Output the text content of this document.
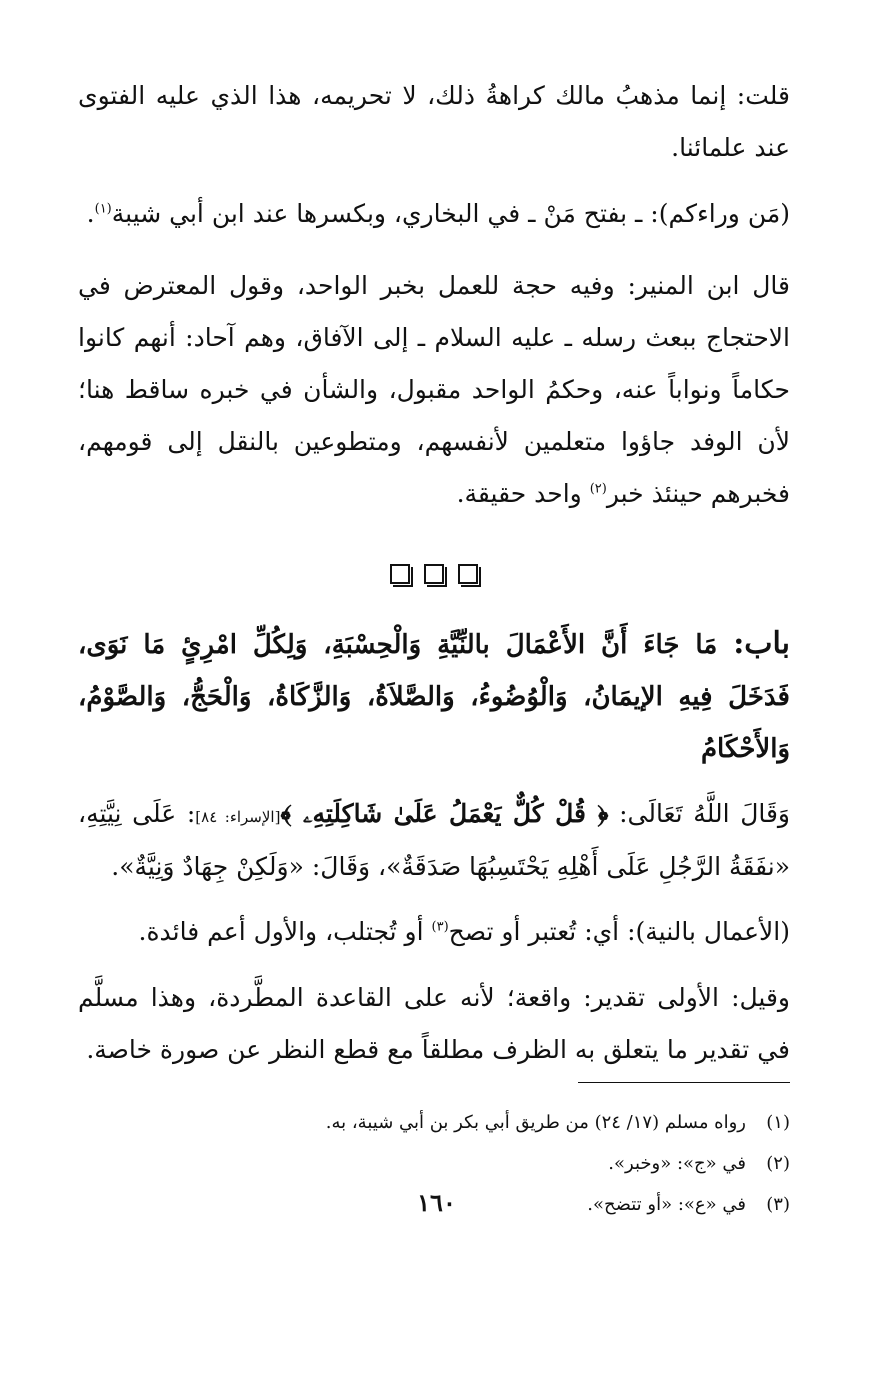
قلت: إنما مذهبُ مالك كراهةُ ذلك، لا تحريمه، هذا الذي عليه الفتوى عند علمائنا.

(مَن وراءكم): ـ بفتح مَنْ ـ في البخاري، وبكسرها عند ابن أبي شيبة$^{(١)}$.

قال ابن المنير: وفيه حجة للعمل بخبر الواحد، وقول المعترض في الاحتجاج ببعث رسله ـ عليه السلام ـ إلى الآفاق، وهم آحاد: أنهم كانوا حكاماً ونواباً عنه، وحكمُ الواحد مقبول، والشأن في خبره ساقط هنا؛ لأن الوفد جاؤوا متعلمين لأنفسهم، ومتطوعين بالنقل إلى قومهم، فخبرهم حينئذ خبر$^{(٢)}$ واحد حقيقة.

باب: مَا جَاءَ أَنَّ الأَعْمَالَ بالنِّيَّةِ وَالْحِسْبَةِ، وَلِكُلِّ امْرِئٍ مَا نَوَى، فَدَخَلَ فِيهِ الإيمَانُ، وَالْوُضُوءُ، وَالصَّلاَةُ، وَالزَّكَاةُ، وَالْحَجُّ، وَالصَّوْمُ، وَالأَحْكَامُ

وَقَالَ اللَّهُ تَعَالَى: ﴿ قُلْ كُلٌّ يَعْمَلُ عَلَىٰ شَاكِلَتِهِۦ ﴾[الإسراء: ٨٤]: عَلَى نِيَّتِهِ، «نفَقَةُ الرَّجُلِ عَلَى أَهْلِهِ يَحْتَسِبُهَا صَدَقَةٌ»، وَقَالَ: «وَلَكِنْ جِهَادٌ وَنِيَّةٌ».

(الأعمال بالنية): أي: تُعتبر أو تصح$^{(٣)}$ أو تُجتلب، والأول أعم فائدة.

وقيل: الأولى تقدير: واقعة؛ لأنه على القاعدة المطَّردة، وهذا مسلَّم في تقدير ما يتعلق به الظرف مطلقاً مع قطع النظر عن صورة خاصة.

(١)رواه مسلم (١٧/ ٢٤) من طريق أبي بكر بن أبي شيبة، به.

(٢)في «ج»: «وخبر».

(٣)في «ع»: «أو تتضح».

١٦٠
